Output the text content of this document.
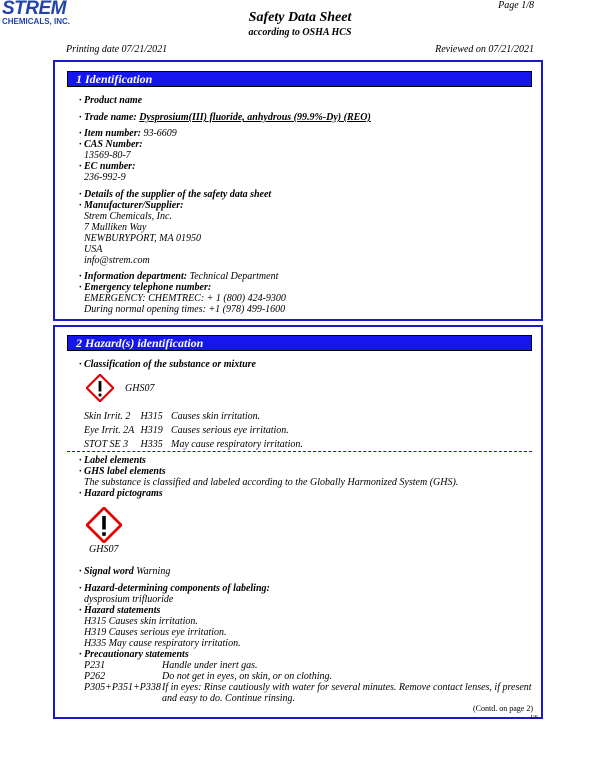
STREM
CHEMICALS, INC.
Page 1/8
Safety Data Sheet
according to OSHA HCS
Printing date 07/21/2021	Reviewed on 07/21/2021
1 Identification
· Product name
· Trade name: Dysprosium(III) fluoride, anhydrous (99.9%-Dy) (REO)
· Item number: 93-6609
· CAS Number:
13569-80-7
· EC number:
236-992-9
· Details of the supplier of the safety data sheet
· Manufacturer/Supplier:
Strem Chemicals, Inc.
7 Mulliken Way
NEWBURYPORT, MA 01950
USA
info@strem.com
· Information department: Technical Department
· Emergency telephone number:
EMERGENCY: CHEMTREC: + 1 (800) 424-9300
During normal opening times: +1 (978) 499-1600
2 Hazard(s) identification
· Classification of the substance or mixture
GHS07
Skin Irrit. 2 H315 Causes skin irritation.
Eye Irrit. 2A H319 Causes serious eye irritation.
STOT SE 3 H335 May cause respiratory irritation.
· Label elements
· GHS label elements
The substance is classified and labeled according to the Globally Harmonized System (GHS).
· Hazard pictograms
GHS07
· Signal word Warning
· Hazard-determining components of labeling:
dysprosium trifluoride
· Hazard statements
H315 Causes skin irritation.
H319 Causes serious eye irritation.
H335 May cause respiratory irritation.
· Precautionary statements
P231	Handle under inert gas.
P262	Do not get in eyes, on skin, or on clothing.
P305+P351+P338 If in eyes: Rinse cautiously with water for several minutes. Remove contact lenses, if present and easy to do. Continue rinsing.
(Contd. on page 2)
US
